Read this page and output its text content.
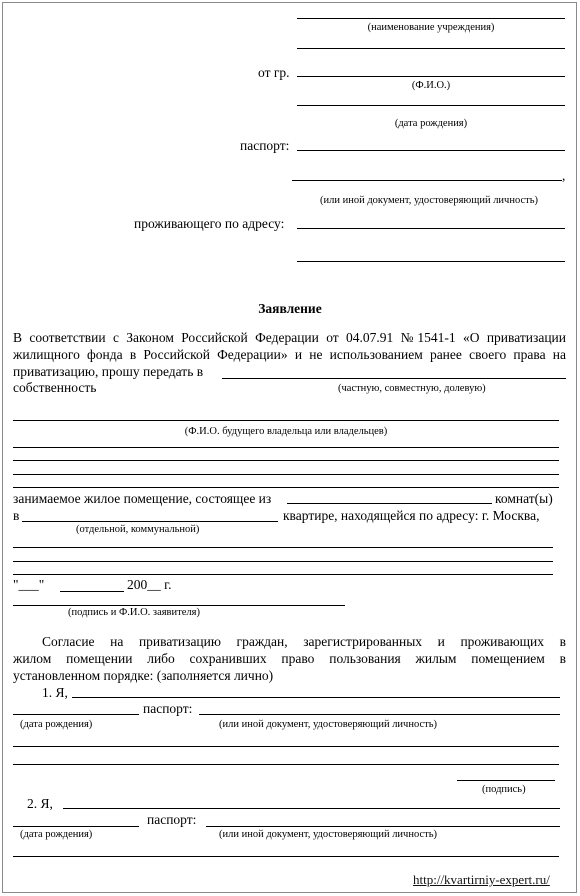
(наименование учреждения)
от гр.
(Ф.И.О.)
(дата рождения)
паспорт:
,
(или иной документ, удостоверяющий личность)
проживающего по адресу:
Заявление
В соответствии с Законом Российской Федерации от 04.07.91 №1541-1 «О приватизации
жилищного фонда в Российской Федерации» и не использованием ранее своего права на
приватизацию, прошу передать в
собственность	(частную, совместную, долевую)
(Ф.И.О. будущего владельца или владельцев)
занимаемое жилое помещение, состоящее из	комнат(ы)
в	квартире, находящейся по адресу: г. Москва,
(отдельной, коммунальной)
"___"	200__ г.
(подпись и Ф.И.О. заявителя)
Согласие на приватизацию граждан, зарегистрированных и проживающих в
жилом помещении либо сохранивших право пользования жилым помещением в
установленном порядке: (заполняется лично)
1. Я,
паспорт:
(дата рождения)	(или иной документ, удостоверяющий личность)
(подпись)
2. Я,
паспорт:
(дата рождения)	(или иной документ, удостоверяющий личность)
http://kvartirniy-expert.ru/
